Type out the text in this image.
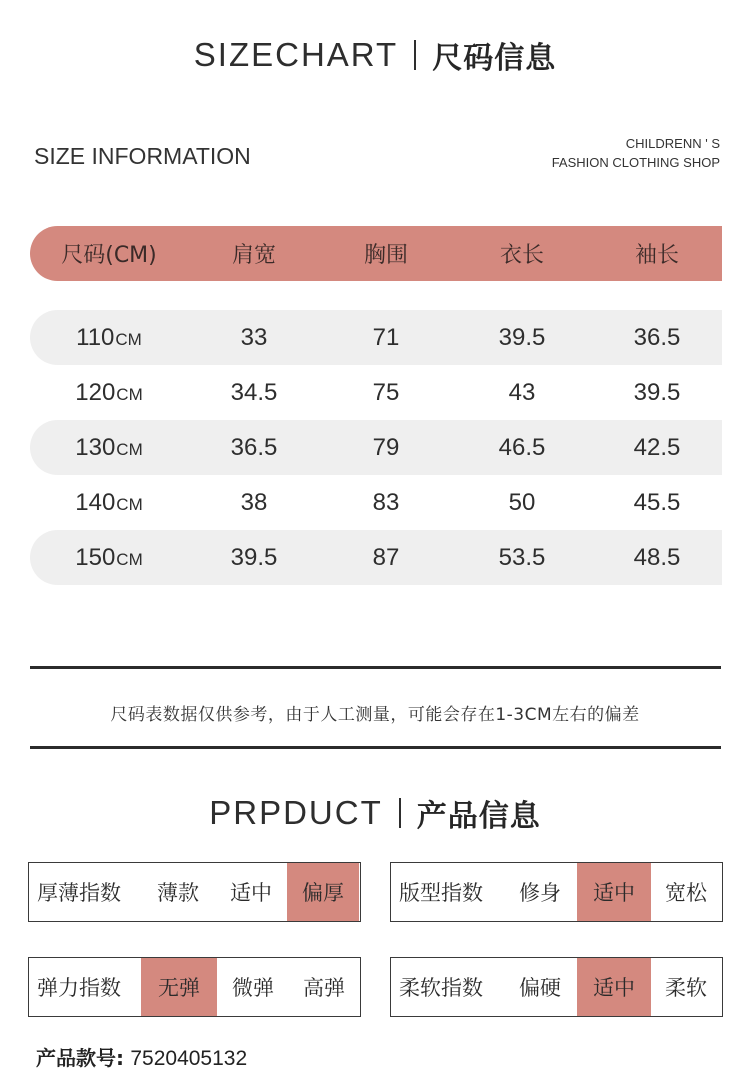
SIZECHART 尺码信息
SIZE INFORMATION	CHILDRENN ' S
FASHION CLOTHING SHOP
尺码(CM)	肩宽	胸围	衣长	袖长
110 CM	33	71	39.5	36.5
120 CM	34.5	75	43	39.5
130 CM	36.5	79	46.5	42.5
140 CM	38	83	50	45.5
150 CM	39.5	87	53.5	48.5
尺码表数据仅供参考，由于人工测量，可能会存在1-3CM左右的偏差
PRPDUCT 产品信息
厚薄指数	薄款	适中	偏厚	版型指数	修身	适中	宽松
弹力指数	无弹	微弹	高弹	柔软指数	偏硬	适中	柔软
产品款号: 7520405132
